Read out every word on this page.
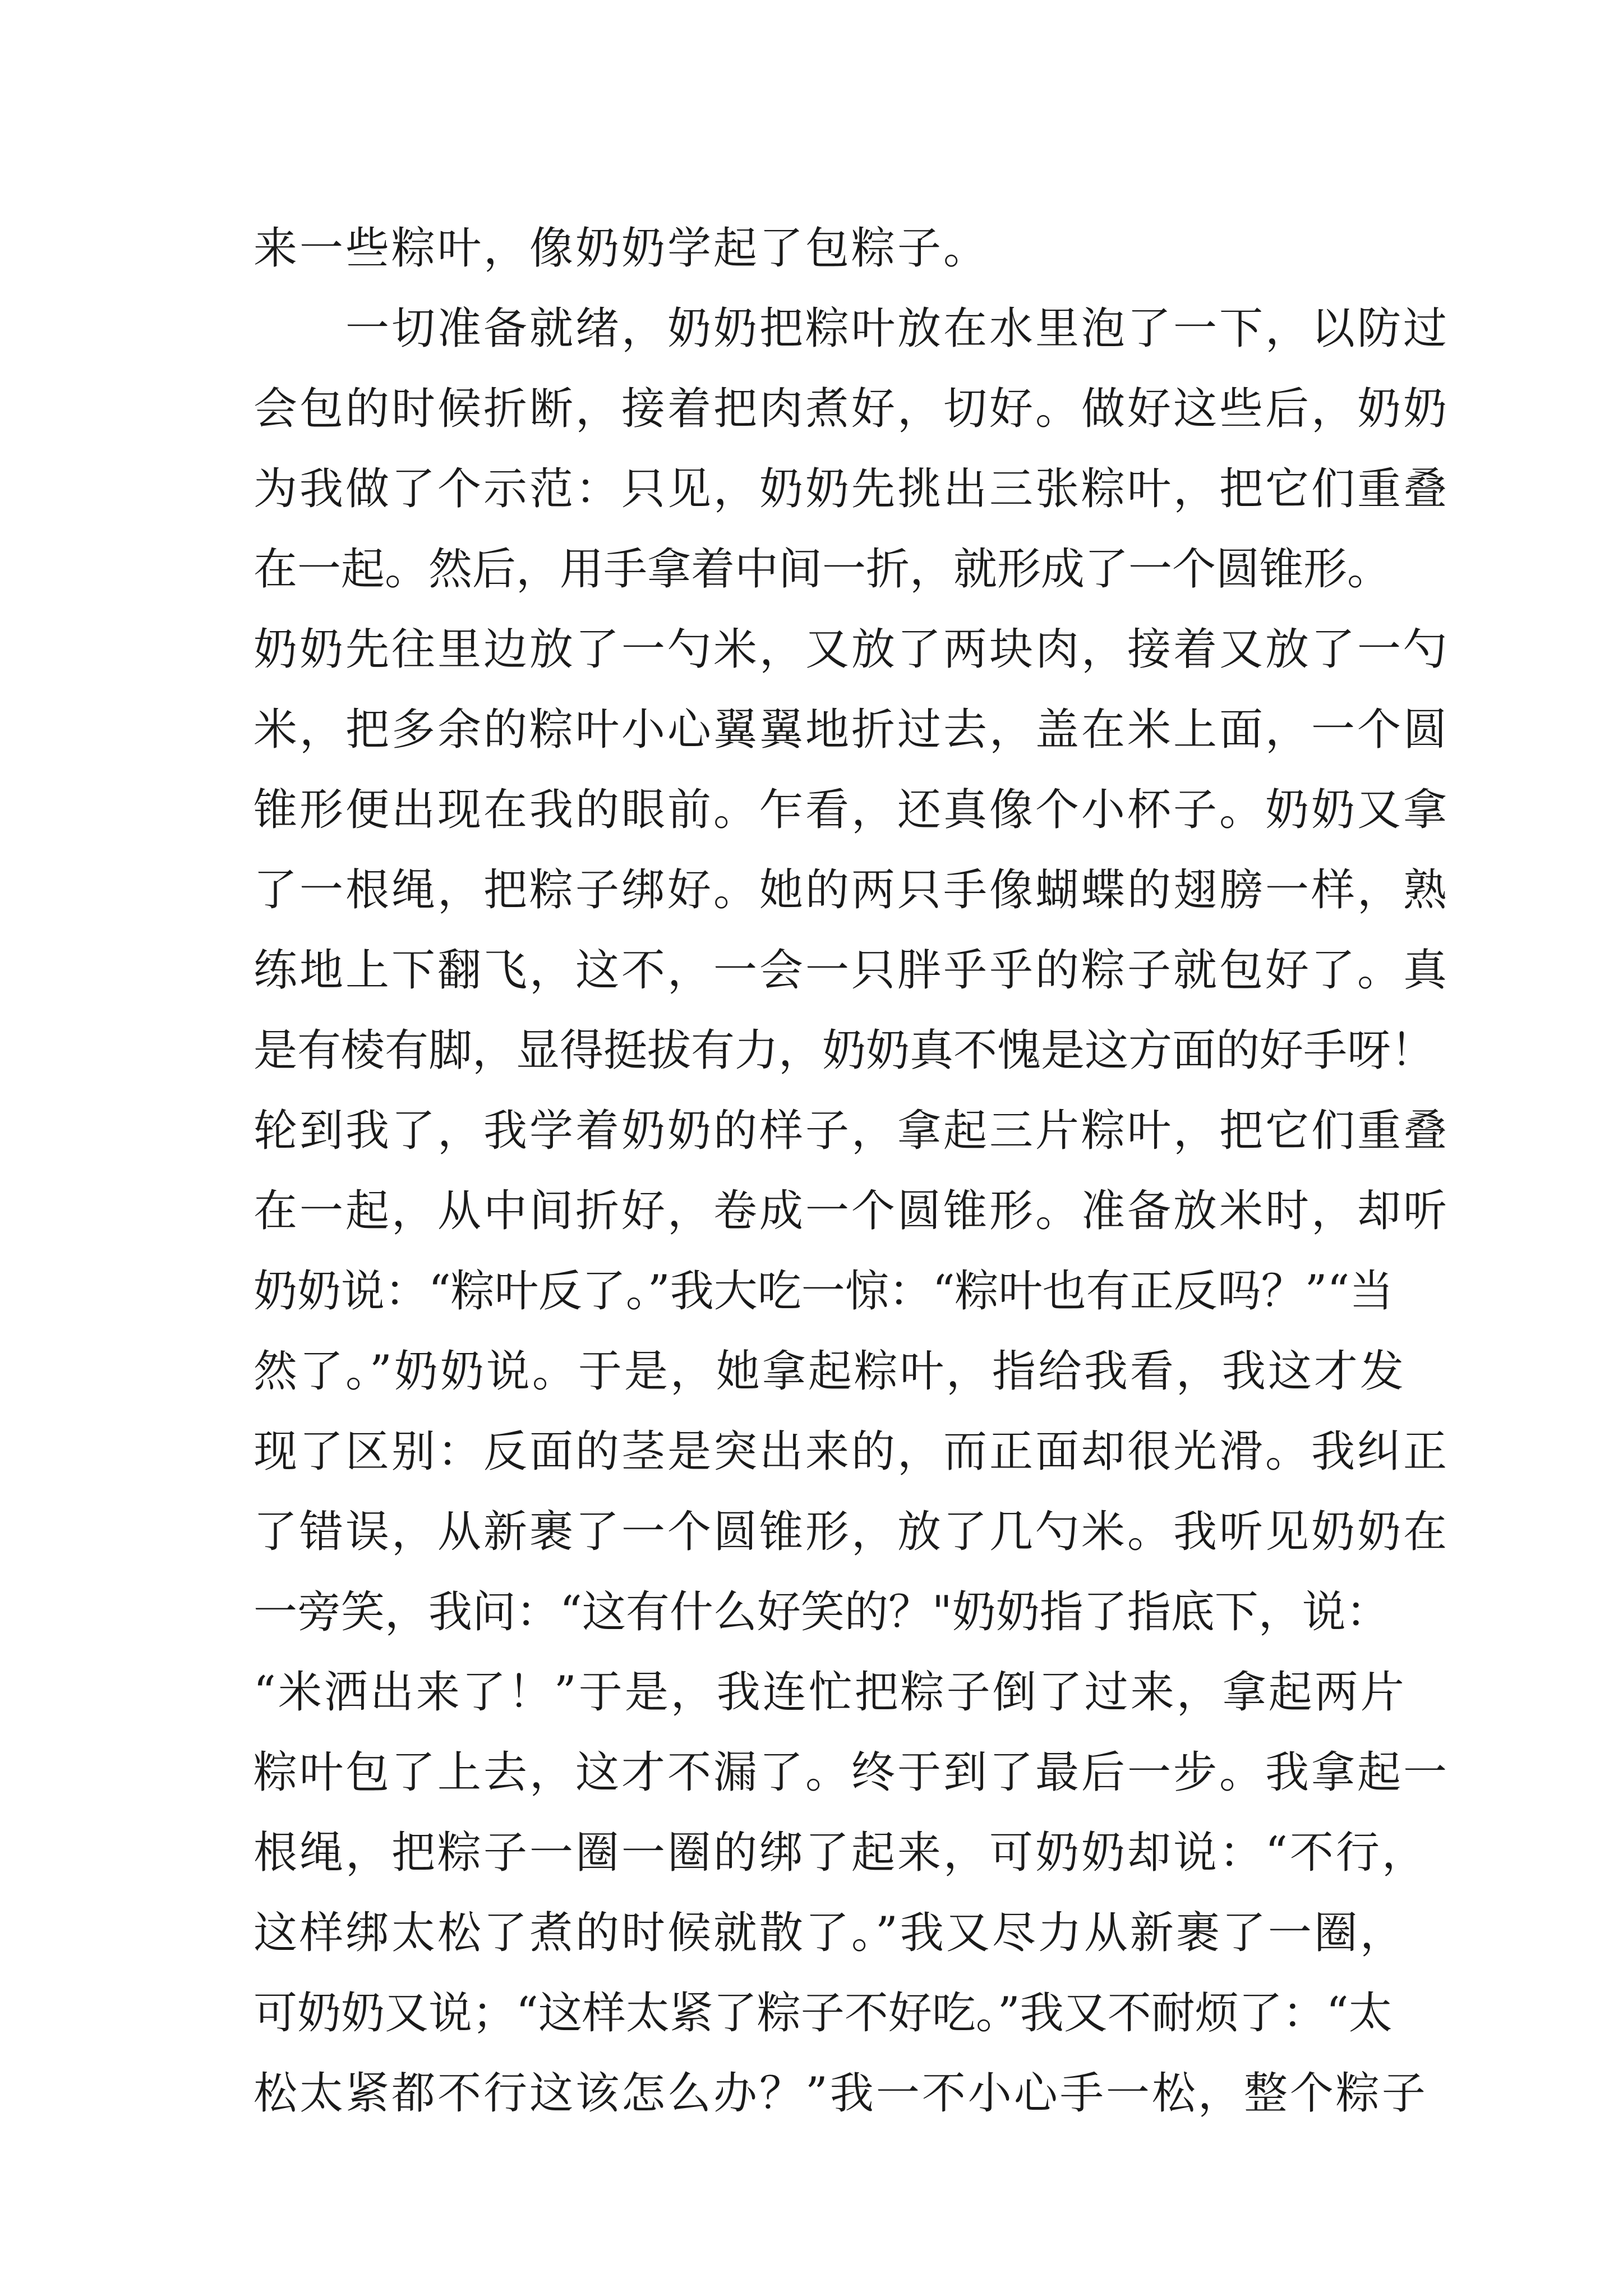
来一些粽叶，像奶奶学起了包粽子。
　　一切准备就绪，奶奶把粽叶放在水里泡了一下，以防过
会包的时候折断，接着把肉煮好，切好。做好这些后，奶奶
为我做了个示范：只见，奶奶先挑出三张粽叶，把它们重叠
在一起。然后，用手拿着中间一折，就形成了一个圆锥形。
奶奶先往里边放了一勺米，又放了两块肉，接着又放了一勺
米，把多余的粽叶小心翼翼地折过去，盖在米上面，一个圆
锥形便出现在我的眼前。乍看，还真像个小杯子。奶奶又拿
了一根绳，把粽子绑好。她的两只手像蝴蝶的翅膀一样，熟
练地上下翻飞，这不，一会一只胖乎乎的粽子就包好了。真
是有棱有脚，显得挺拔有力，奶奶真不愧是这方面的好手呀！
轮到我了，我学着奶奶的样子，拿起三片粽叶，把它们重叠
在一起，从中间折好，卷成一个圆锥形。准备放米时，却听
奶奶说：“粽叶反了。”我大吃一惊：“粽叶也有正反吗？”“当
然了。”奶奶说。于是，她拿起粽叶，指给我看，我这才发
现了区别：反面的茎是突出来的，而正面却很光滑。我纠正
了错误，从新裹了一个圆锥形，放了几勺米。我听见奶奶在
一旁笑，我问：“这有什么好笑的？"奶奶指了指底下，说：
“米洒出来了！”于是，我连忙把粽子倒了过来，拿起两片
粽叶包了上去，这才不漏了。终于到了最后一步。我拿起一
根绳，把粽子一圈一圈的绑了起来，可奶奶却说：“不行，
这样绑太松了煮的时候就散了。”我又尽力从新裹了一圈，
可奶奶又说；“这样太紧了粽子不好吃。”我又不耐烦了：“太
松太紧都不行这该怎么办？”我一不小心手一松，整个粽子
